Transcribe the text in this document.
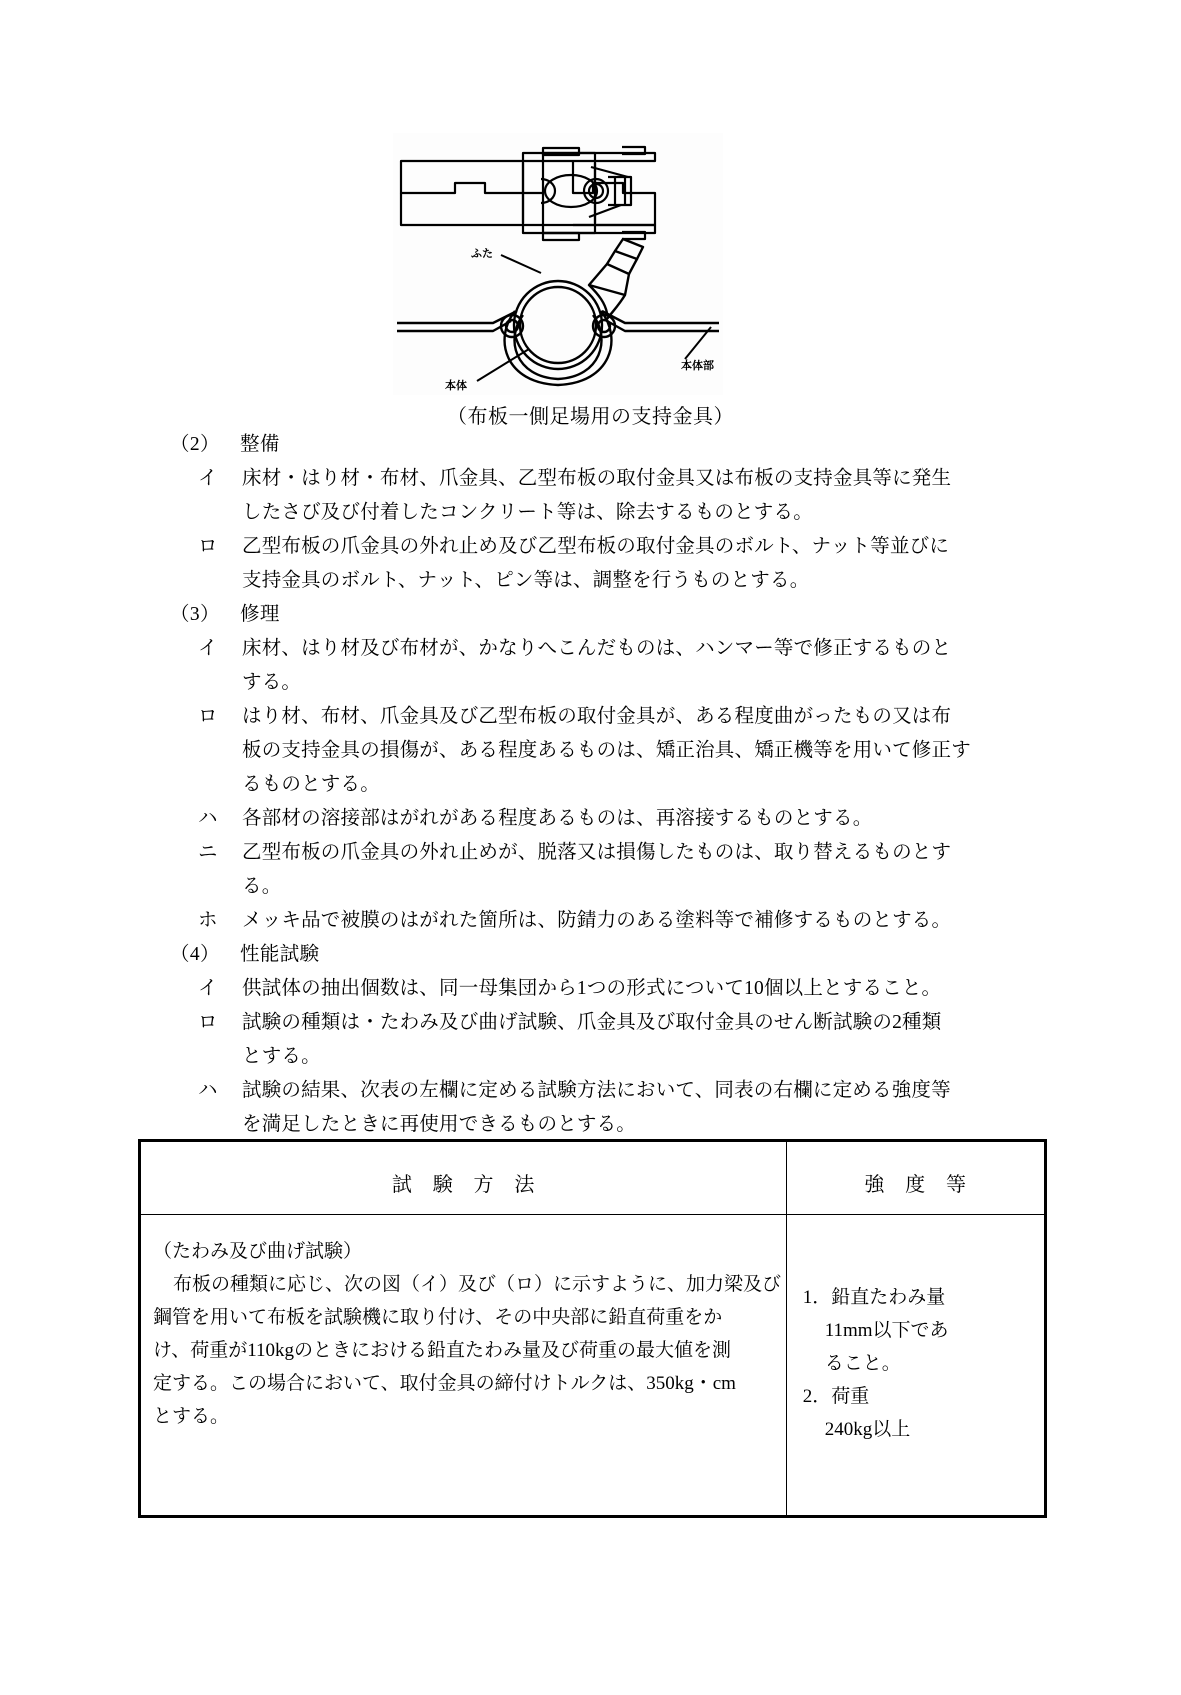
ふた
本体
本体部
（布板一側足場用の支持金具）
（2） 整備
イ	床材・はり材・布材、爪金具、乙型布板の取付金具又は布板の支持金具等に発生
したさび及び付着したコンクリート等は、除去するものとする。
ロ	乙型布板の爪金具の外れ止め及び乙型布板の取付金具のボルト、ナット等並びに
支持金具のボルト、ナット、ピン等は、調整を行うものとする。
（3） 修理
イ	床材、はり材及び布材が、かなりへこんだものは、ハンマー等で修正するものと
する。
ロ	はり材、布材、爪金具及び乙型布板の取付金具が、ある程度曲がったもの又は布
板の支持金具の損傷が、ある程度あるものは、矯正治具、矯正機等を用いて修正す
るものとする。
ハ	各部材の溶接部はがれがある程度あるものは、再溶接するものとする。
ニ	乙型布板の爪金具の外れ止めが、脱落又は損傷したものは、取り替えるものとす
る。
ホ	メッキ品で被膜のはがれた箇所は、防錆力のある塗料等で補修するものとする。
（4） 性能試験
イ	供試体の抽出個数は、同一母集団から1つの形式について10個以上とすること。
ロ	試験の種類は・たわみ及び曲げ試験、爪金具及び取付金具のせん断試験の2種類
とする。
ハ	試験の結果、次表の左欄に定める試験方法において、同表の右欄に定める強度等
を満足したときに再使用できるものとする。
試　験　方　法	強　度　等

（たわみ及び曲げ試験）
布板の種類に応じ、次の図（イ）及び（ロ）に示すように、加力梁及び
鋼管を用いて布板を試験機に取り付け、その中央部に鉛直荷重をか
け、荷重が110kgのときにおける鉛直たわみ量及び荷重の最大値を測
定する。この場合において、取付金具の締付けトルクは、350kg・cm
とする。

1．鉛直たわみ量
11mm以下であ
ること。
2．荷重
240kg以上
